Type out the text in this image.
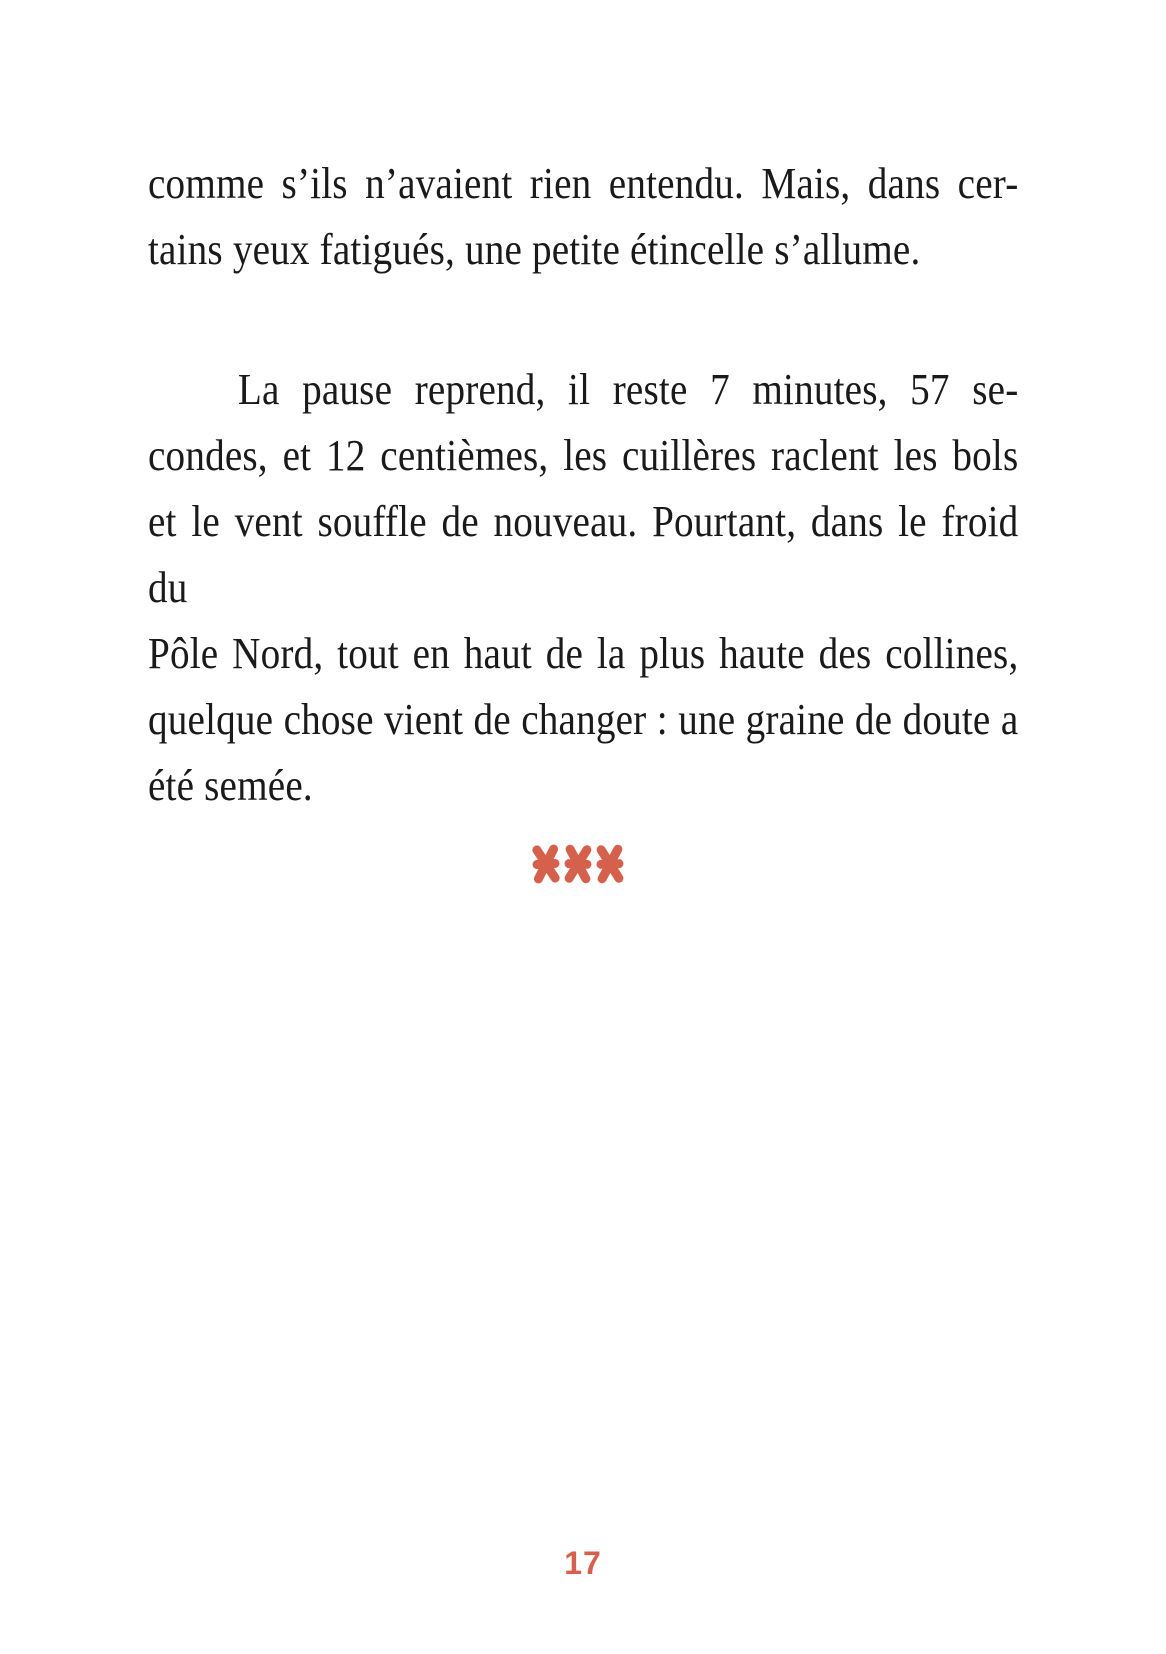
comme s’ils n’avaient rien entendu. Mais, dans cer-
tains yeux fatigués, une petite étincelle s’allume.

La pause reprend, il reste 7 minutes, 57 se-
condes, et 12 centièmes, les cuillères raclent les bols
et le vent souffle de nouveau. Pourtant, dans le froid du
Pôle Nord, tout en haut de la plus haute des collines,
quelque chose vient de changer : une graine de doute a
été semée.

17
